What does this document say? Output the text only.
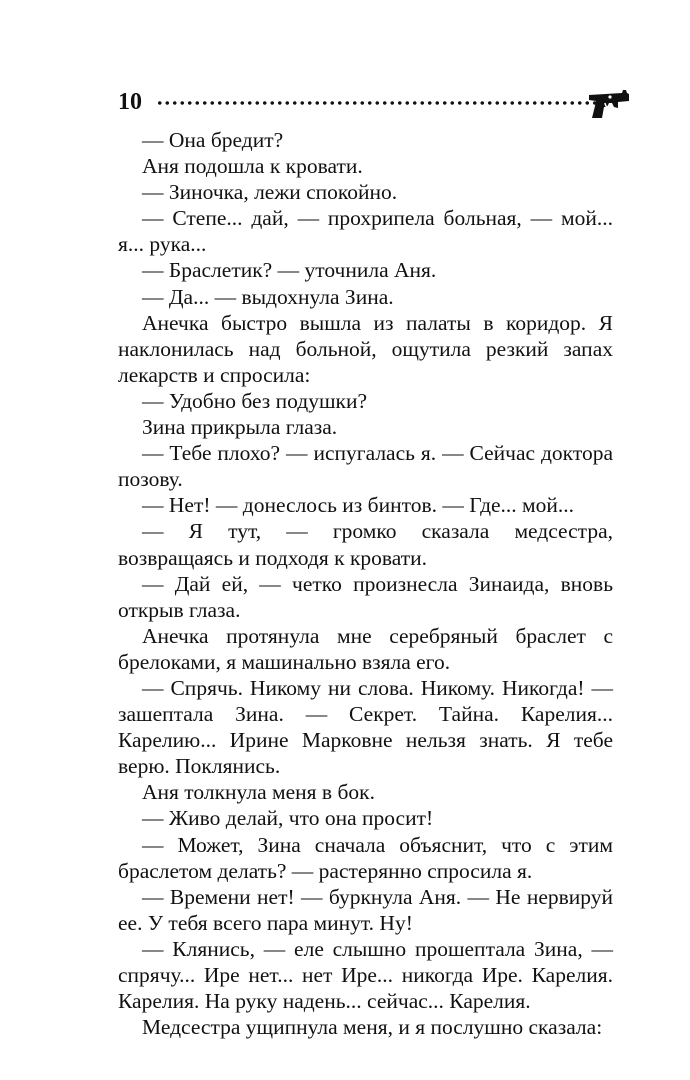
10

— Она бредит?

Аня подошла к кровати.

— Зиночка, лежи спокойно.

— Степе... дай, — прохрипела больная, — мой... я... рука...

— Браслетик? — уточнила Аня.

— Да... — выдохнула Зина.

Анечка быстро вышла из палаты в коридор. Я наклонилась над больной, ощутила резкий запах лекарств и спросила:

— Удобно без подушки?

Зина прикрыла глаза.

— Тебе плохо? — испугалась я. — Сейчас доктора позову.

— Нет! — донеслось из бинтов. — Где... мой...

— Я тут, — громко сказала медсестра, возвращаясь и подходя к кровати.

— Дай ей, — четко произнесла Зинаида, вновь открыв глаза.

Анечка протянула мне серебряный браслет с брелоками, я машинально взяла его.

— Спрячь. Никому ни слова. Никому. Никогда! — зашептала Зина. — Секрет. Тайна. Карелия... Карелию... Ирине Марковне нельзя знать. Я тебе верю. Поклянись.

Аня толкнула меня в бок.

— Живо делай, что она просит!

— Может, Зина сначала объяснит, что с этим браслетом делать? — растерянно спросила я.

— Времени нет! — буркнула Аня. — Не нервируй ее. У тебя всего пара минут. Ну!

— Клянись, — еле слышно прошептала Зина, — спрячу... Ире нет... нет Ире... никогда Ире. Карелия. Карелия. На руку надень... сейчас... Карелия.

Медсестра ущипнула меня, и я послушно сказала:
